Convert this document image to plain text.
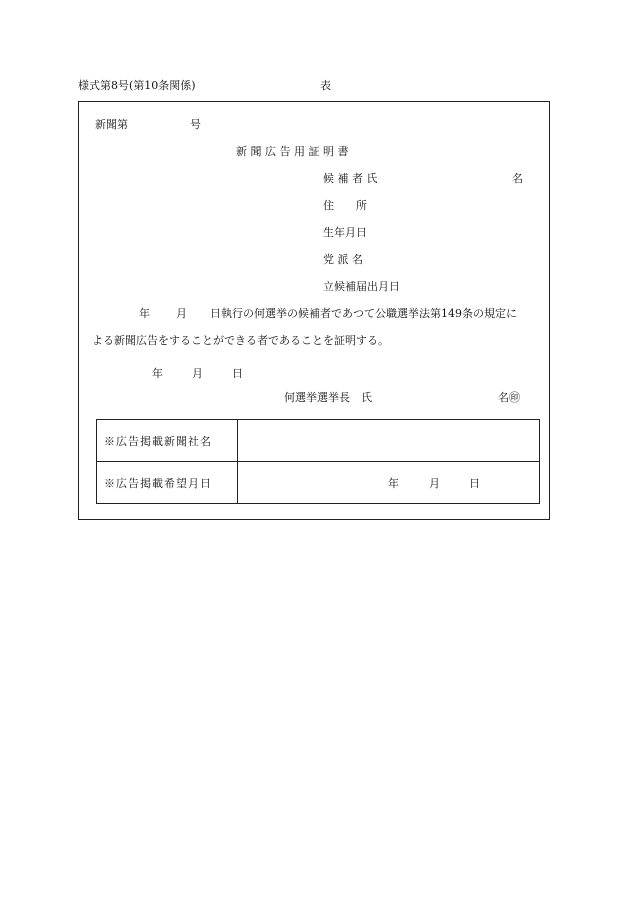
様式第8号(第10条関係)	表
新聞第	号
新 聞 広 告 用 証 明 書
候 補 者 氏	名
住　　所
生年月日
党 派 名
立候補届出月日
年 月 日執行の何選挙の候補者であつて公職選挙法第149条の規定に
よる新聞広告をすることができる者であることを証明する。
年	月	日
何選挙選挙長　氏	名㊞
※広告掲載新聞社名	
※広告掲載希望月日	年 月 日
